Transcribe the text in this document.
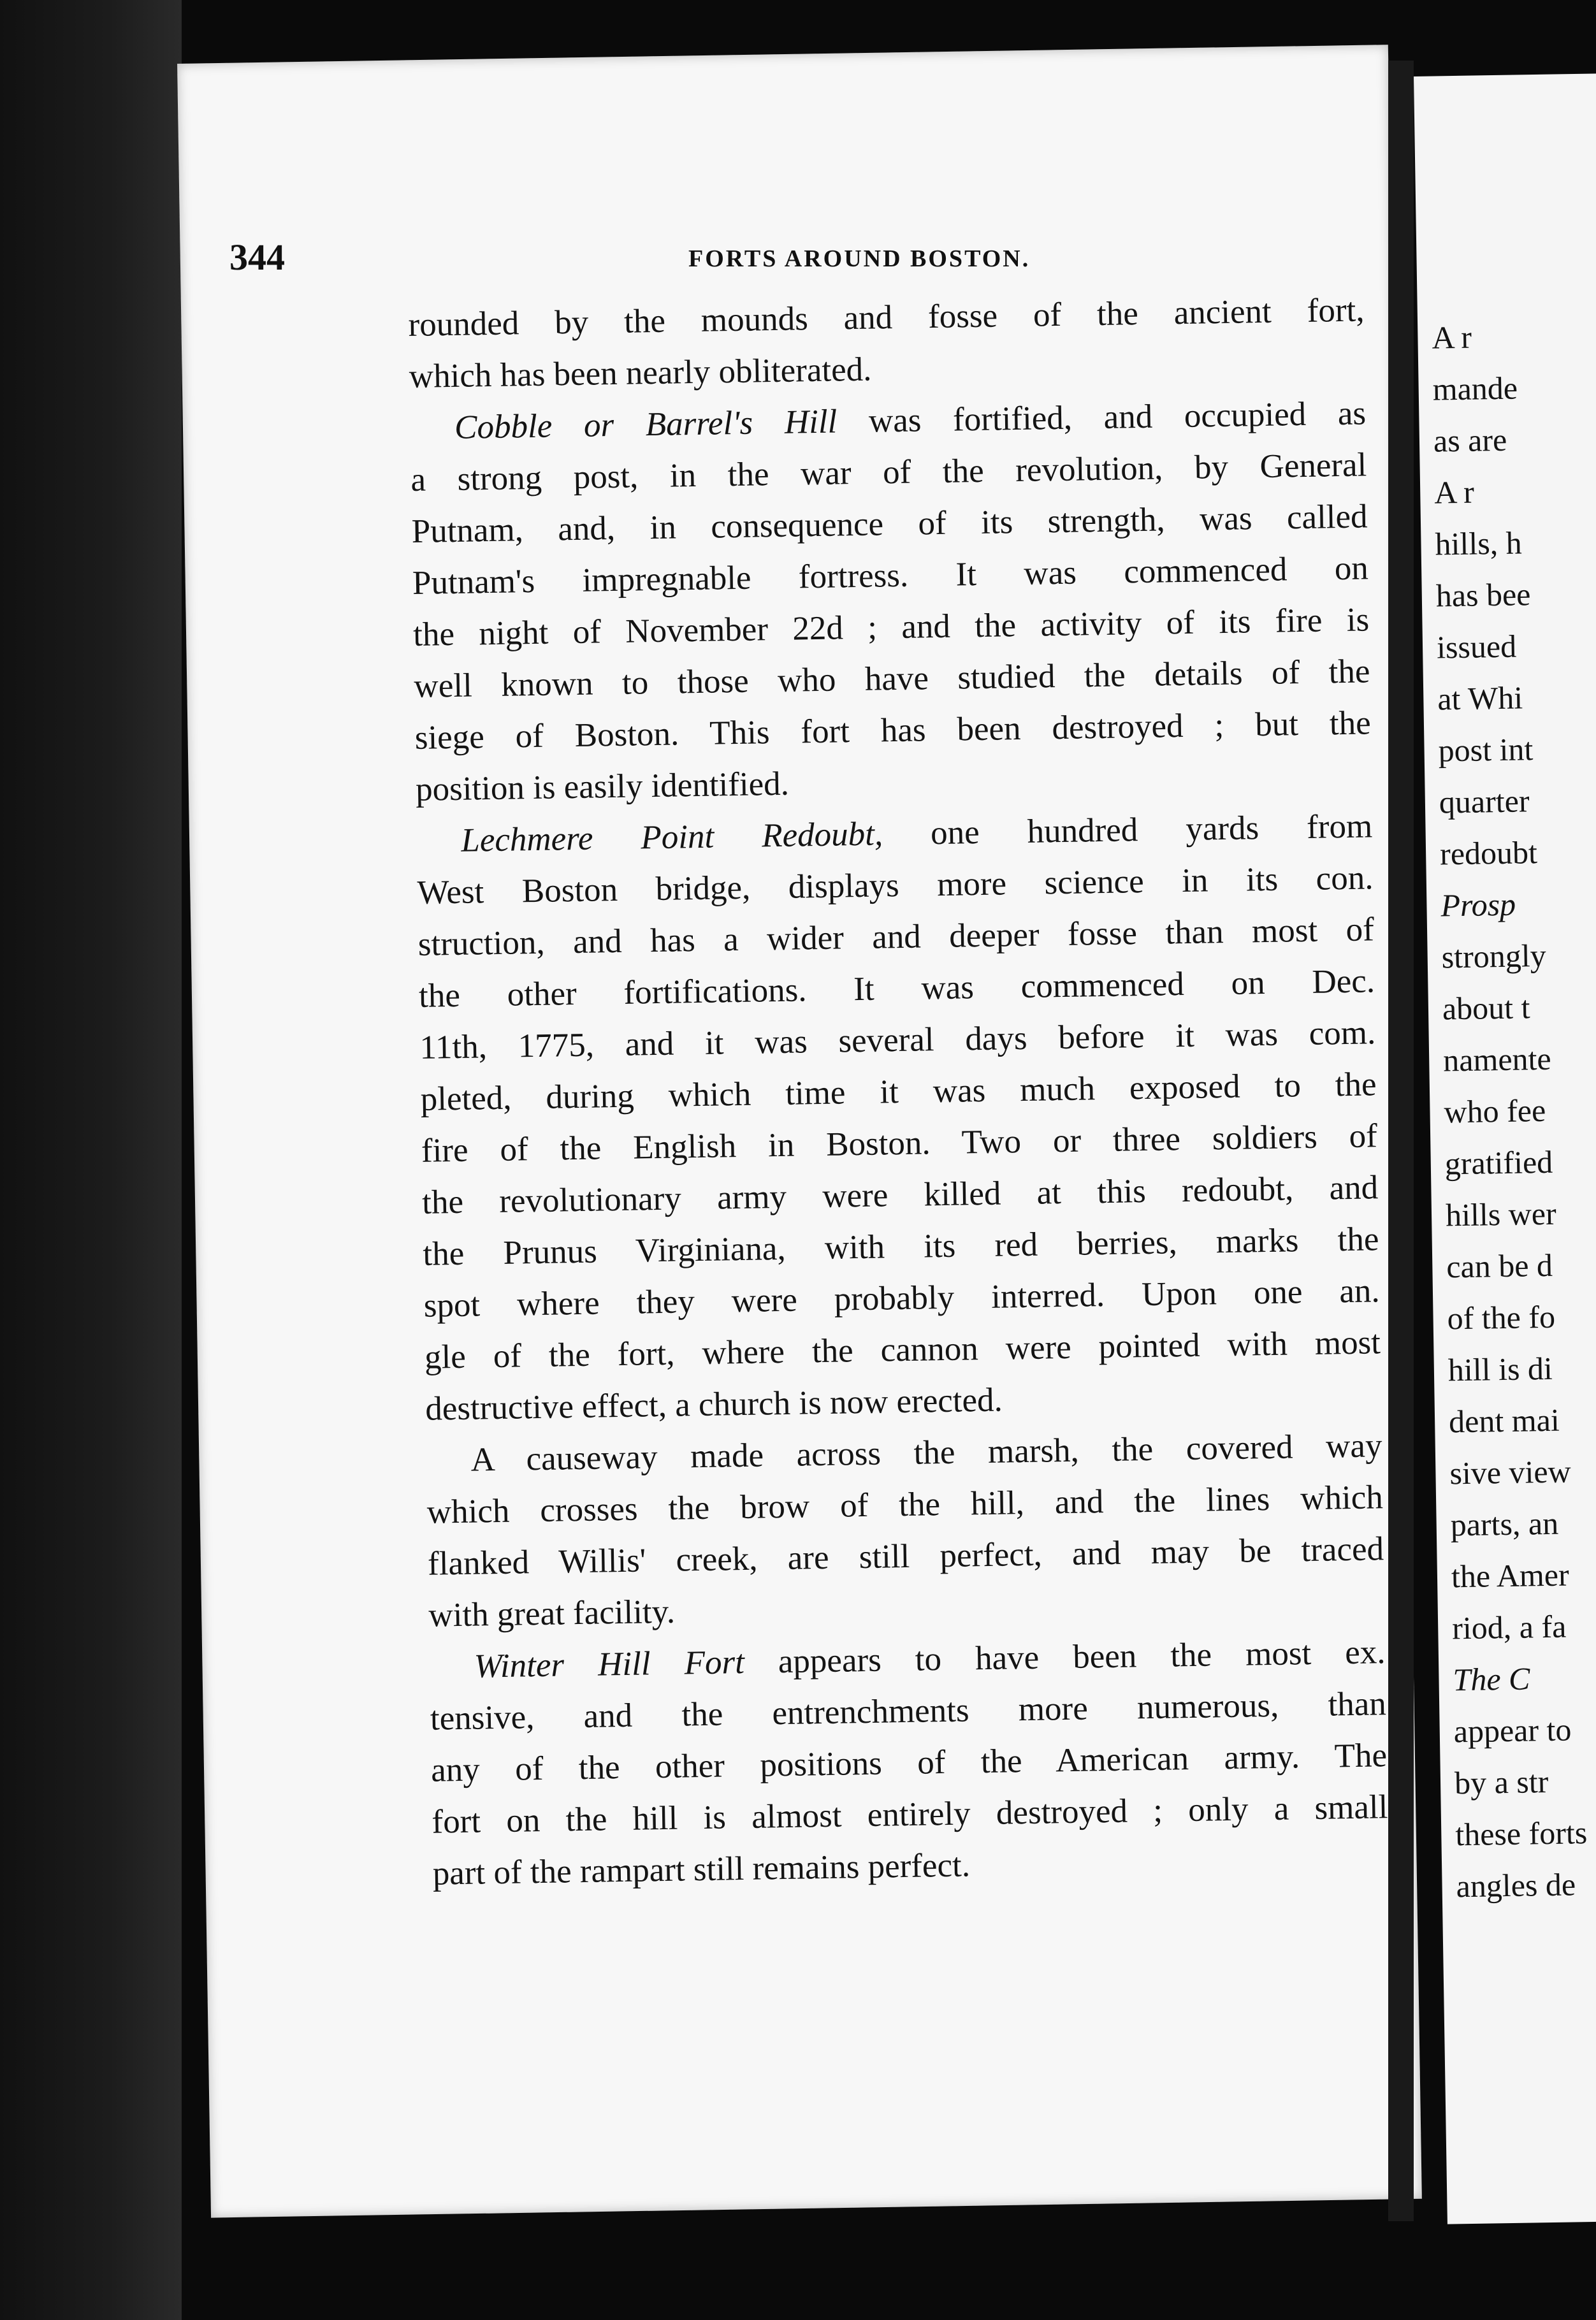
A r
mande
as are
A r
hills, h
has bee
issued
at Whi
post int
quarter
redoubt
Prosp
strongly
about t
namente
who fee
gratified
hills wer
can be d
of the fo
hill is di
dent mai
sive view
parts, an
the Amer
riod, a fa
The C
appear to
by a str
these forts
angles de
344	FORTS AROUND BOSTON.
rounded by the mounds and fosse of the ancient fort,
which has been nearly obliterated.
Cobble or Barrel's Hill was fortified, and occupied as
a strong post, in the war of the revolution, by General
Putnam, and, in consequence of its strength, was called
Putnam's impregnable fortress. It was commenced on
the night of November 22d ; and the activity of its fire is
well known to those who have studied the details of the
siege of Boston. This fort has been destroyed ; but the
position is easily identified.
Lechmere Point Redoubt, one hundred yards from
West Boston bridge, displays more science in its con.
struction, and has a wider and deeper fosse than most of
the other fortifications. It was commenced on Dec.
11th, 1775, and it was several days before it was com.
pleted, during which time it was much exposed to the
fire of the English in Boston. Two or three soldiers of
the revolutionary army were killed at this redoubt, and
the Prunus Virginiana, with its red berries, marks the
spot where they were probably interred. Upon one an.
gle of the fort, where the cannon were pointed with most
destructive effect, a church is now erected.
A causeway made across the marsh, the covered way
which crosses the brow of the hill, and the lines which
flanked Willis' creek, are still perfect, and may be traced
with great facility.
Winter Hill Fort appears to have been the most ex.
tensive, and the entrenchments more numerous, than
any of the other positions of the American army. The
fort on the hill is almost entirely destroyed ; only a small
part of the rampart still remains perfect.
